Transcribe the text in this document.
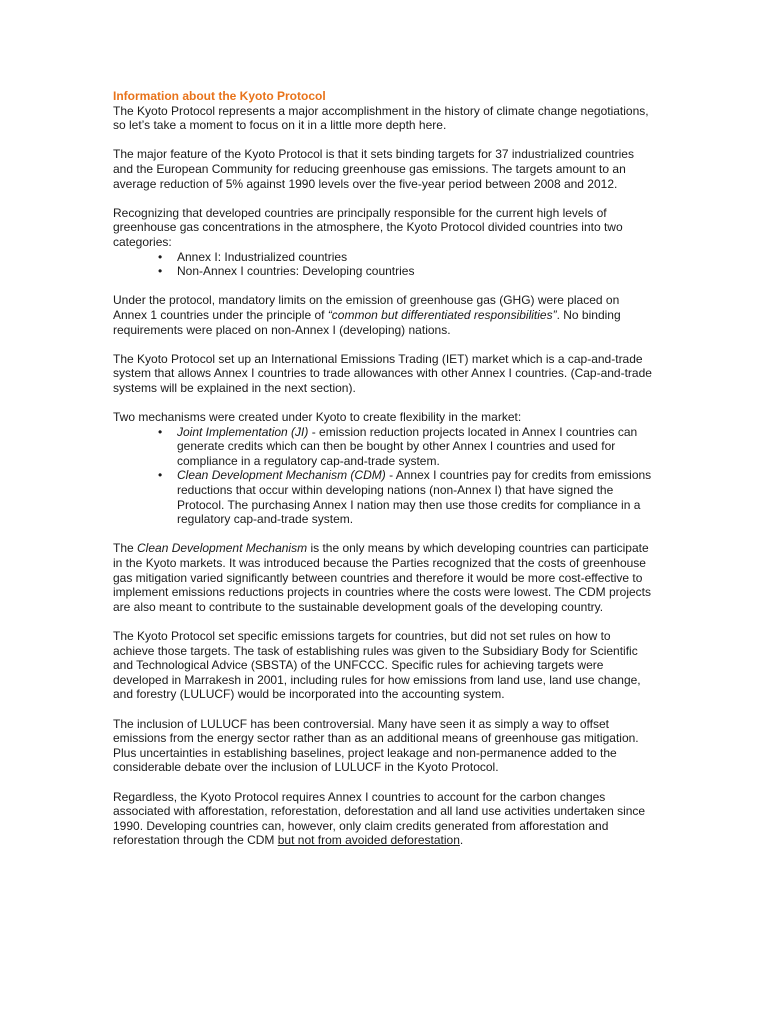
Information about the Kyoto Protocol

The Kyoto Protocol represents a major accomplishment in the history of climate change negotiations, so let’s take a moment to focus on it in a little more depth here.

The major feature of the Kyoto Protocol is that it sets binding targets for 37 industrialized countries and the European Community for reducing greenhouse gas emissions. The targets amount to an average reduction of 5% against 1990 levels over the five-year period between 2008 and 2012.

Recognizing that developed countries are principally responsible for the current high levels of greenhouse gas concentrations in the atmosphere, the Kyoto Protocol divided countries into two categories:

• Annex I: Industrialized countries
• Non-Annex I countries: Developing countries

Under the protocol, mandatory limits on the emission of greenhouse gas (GHG) were placed on Annex 1 countries under the principle of “common but differentiated responsibilities”. No binding requirements were placed on non-Annex I (developing) nations.

The Kyoto Protocol set up an International Emissions Trading (IET) market which is a cap-and-trade system that allows Annex I countries to trade allowances with other Annex I countries. (Cap-and-trade systems will be explained in the next section).

Two mechanisms were created under Kyoto to create flexibility in the market:

• Joint Implementation (JI) - emission reduction projects located in Annex I countries can generate credits which can then be bought by other Annex I countries and used for compliance in a regulatory cap-and-trade system.
• Clean Development Mechanism (CDM) - Annex I countries pay for credits from emissions reductions that occur within developing nations (non-Annex I) that have signed the Protocol. The purchasing Annex I nation may then use those credits for compliance in a regulatory cap-and-trade system.

The Clean Development Mechanism is the only means by which developing countries can participate in the Kyoto markets. It was introduced because the Parties recognized that the costs of greenhouse gas mitigation varied significantly between countries and therefore it would be more cost-effective to implement emissions reductions projects in countries where the costs were lowest. The CDM projects are also meant to contribute to the sustainable development goals of the developing country.

The Kyoto Protocol set specific emissions targets for countries, but did not set rules on how to achieve those targets. The task of establishing rules was given to the Subsidiary Body for Scientific and Technological Advice (SBSTA) of the UNFCCC. Specific rules for achieving targets were developed in Marrakesh in 2001, including rules for how emissions from land use, land use change, and forestry (LULUCF) would be incorporated into the accounting system.

The inclusion of LULUCF has been controversial. Many have seen it as simply a way to offset emissions from the energy sector rather than as an additional means of greenhouse gas mitigation. Plus uncertainties in establishing baselines, project leakage and non-permanence added to the considerable debate over the inclusion of LULUCF in the Kyoto Protocol.

Regardless, the Kyoto Protocol requires Annex I countries to account for the carbon changes associated with afforestation, reforestation, deforestation and all land use activities undertaken since 1990. Developing countries can, however, only claim credits generated from afforestation and reforestation through the CDM but not from avoided deforestation.
